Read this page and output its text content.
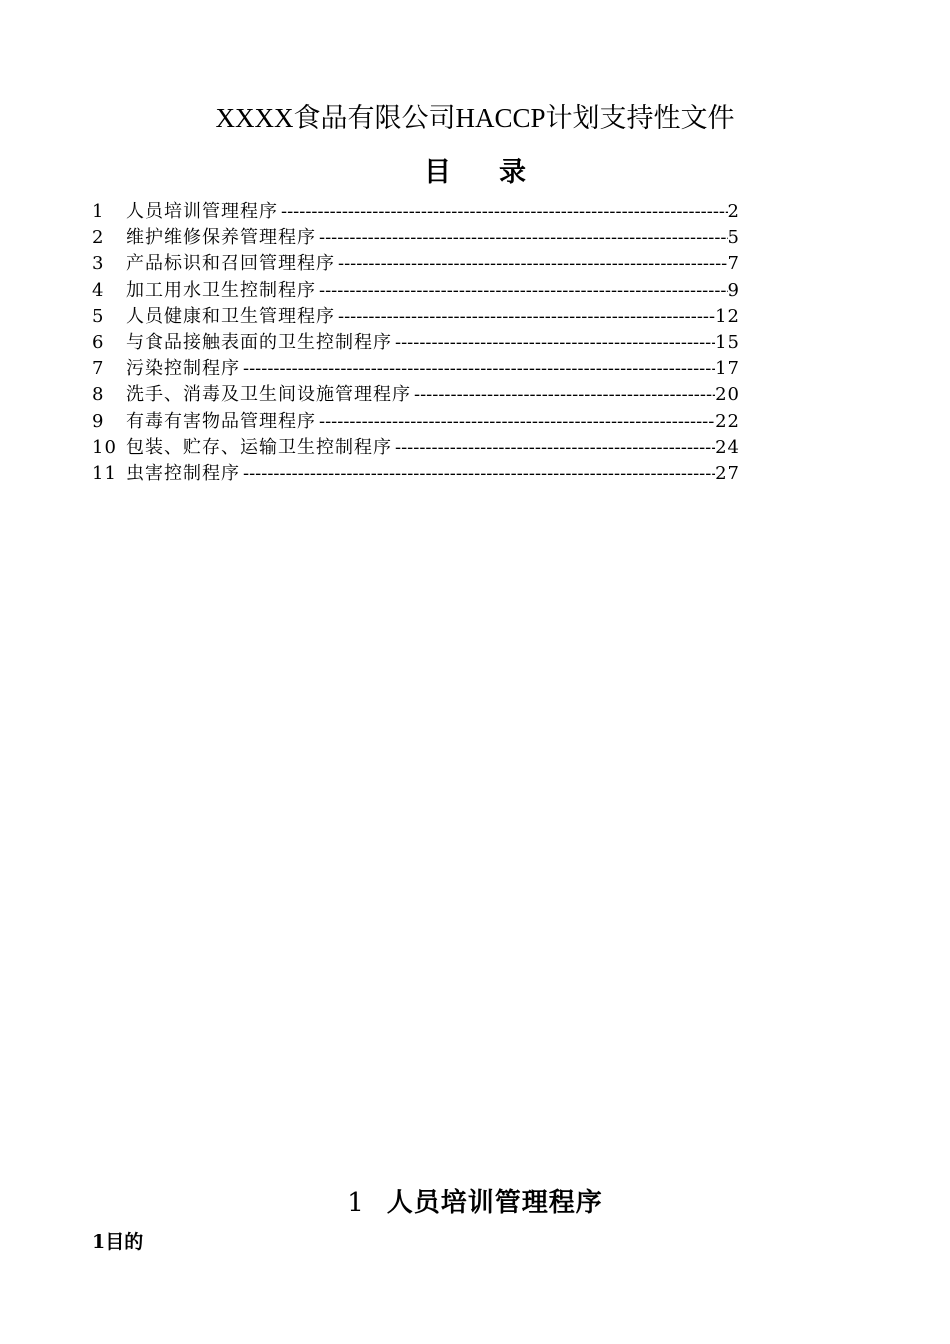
XXXX食品有限公司HACCP计划支持性文件
目录
1	人员培训管理程序 -----	2
2	维护维修保养管理程序 -----	5
3	产品标识和召回管理程序 -----	7
4	加工用水卫生控制程序 -----	9
5	人员健康和卫生管理程序 -----	12
6	与食品接触表面的卫生控制程序 -----	15
7	污染控制程序 -----	17
8	洗手、消毒及卫生间设施管理程序 -----	20
9	有毒有害物品管理程序 -----	22
10 包装、贮存、运输卫生控制程序 -----	24
11 虫害控制程序 -----	27
1 人员培训管理程序
1目的
